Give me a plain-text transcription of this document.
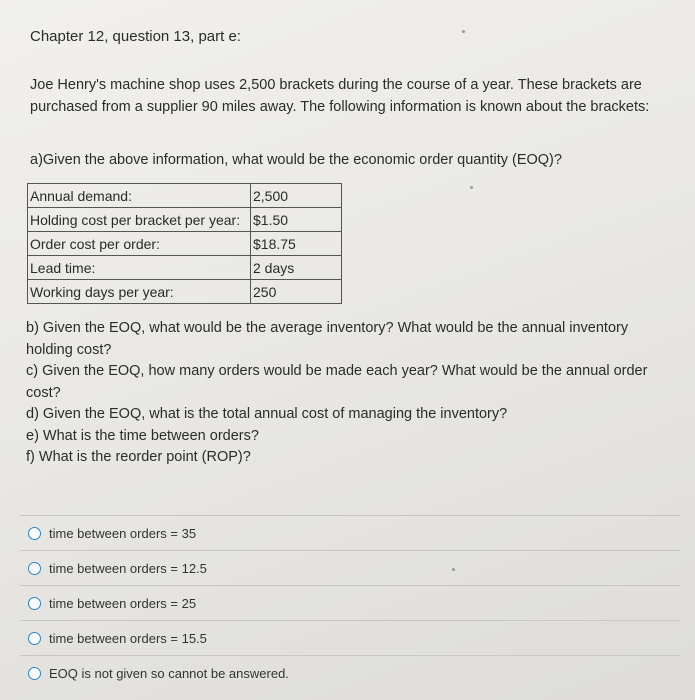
Chapter 12, question 13, part e:
Joe Henry's machine shop uses 2,500 brackets during the course of a year. These brackets are
purchased from a supplier 90 miles away. The following information is known about the brackets:
a)Given the above information, what would be the economic order quantity (EOQ)?
Annual demand:	2,500
Holding cost per bracket per year:	$1.50
Order cost per order:	$18.75
Lead time:	2 days
Working days per year:	250
b) Given the EOQ, what would be the average inventory? What would be the annual inventory
holding cost?
c) Given the EOQ, how many orders would be made each year? What would be the annual order
cost?
d) Given the EOQ, what is the total annual cost of managing the inventory?
e) What is the time between orders?
f) What is the reorder point (ROP)?
time between orders = 35
time between orders = 12.5
time between orders = 25
time between orders = 15.5
EOQ is not given so cannot be answered.
